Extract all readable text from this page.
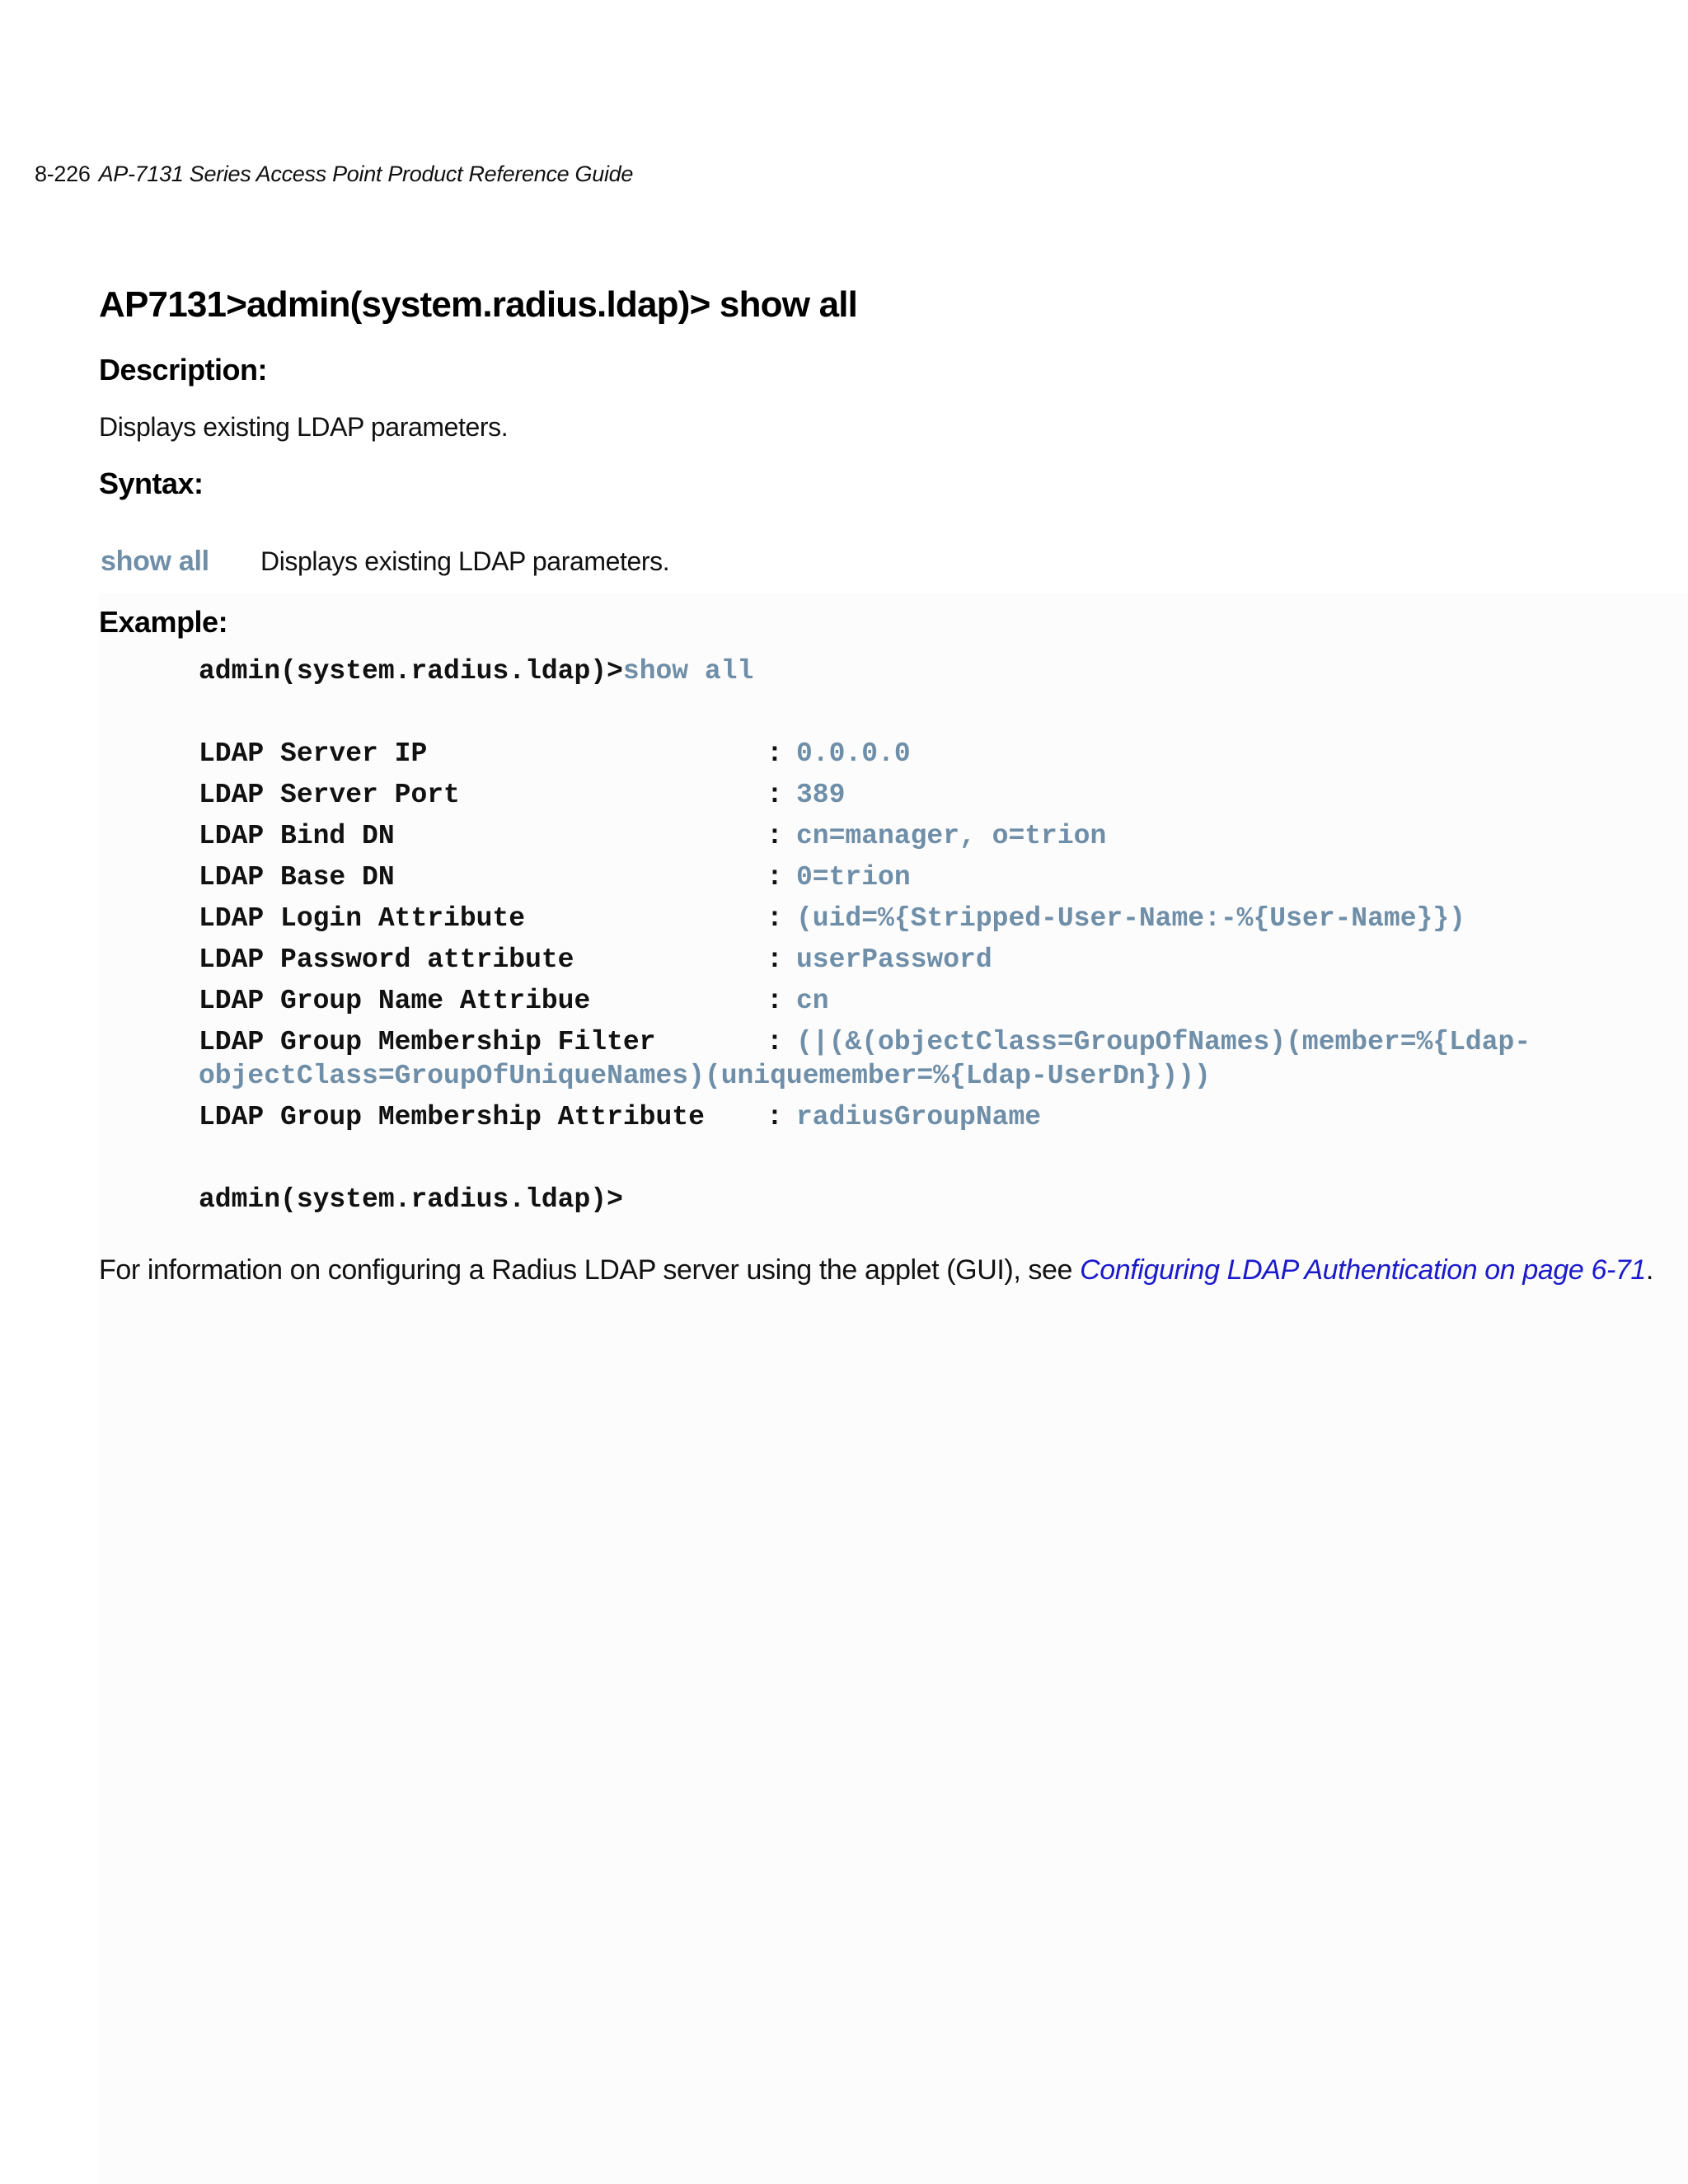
8-226 AP-7131 Series Access Point Product Reference Guide
AP7131>admin(system.radius.ldap)> show all
Description:
Displays existing LDAP parameters.
Syntax:
show all Displays existing LDAP parameters.
Example:
admin(system.radius.ldap)>show all
LDAP Server IP	: 0.0.0.0
LDAP Server Port	: 389
LDAP Bind DN	: cn=manager, o=trion
LDAP Base DN	: 0=trion
LDAP Login Attribute	: (uid=%{Stripped-User-Name:-%{User-Name}})
LDAP Password attribute	: userPassword
LDAP Group Name Attribue	: cn
LDAP Group Membership Filter	: (|(&(objectClass=GroupOfNames)(member=%{Ldap-
objectClass=GroupOfUniqueNames)(uniquemember=%{Ldap-UserDn})))
LDAP Group Membership Attribute : radiusGroupName
admin(system.radius.ldap)>
For information on configuring a Radius LDAP server using the applet (GUI), see Configuring LDAP Authentication on page 6-71.
